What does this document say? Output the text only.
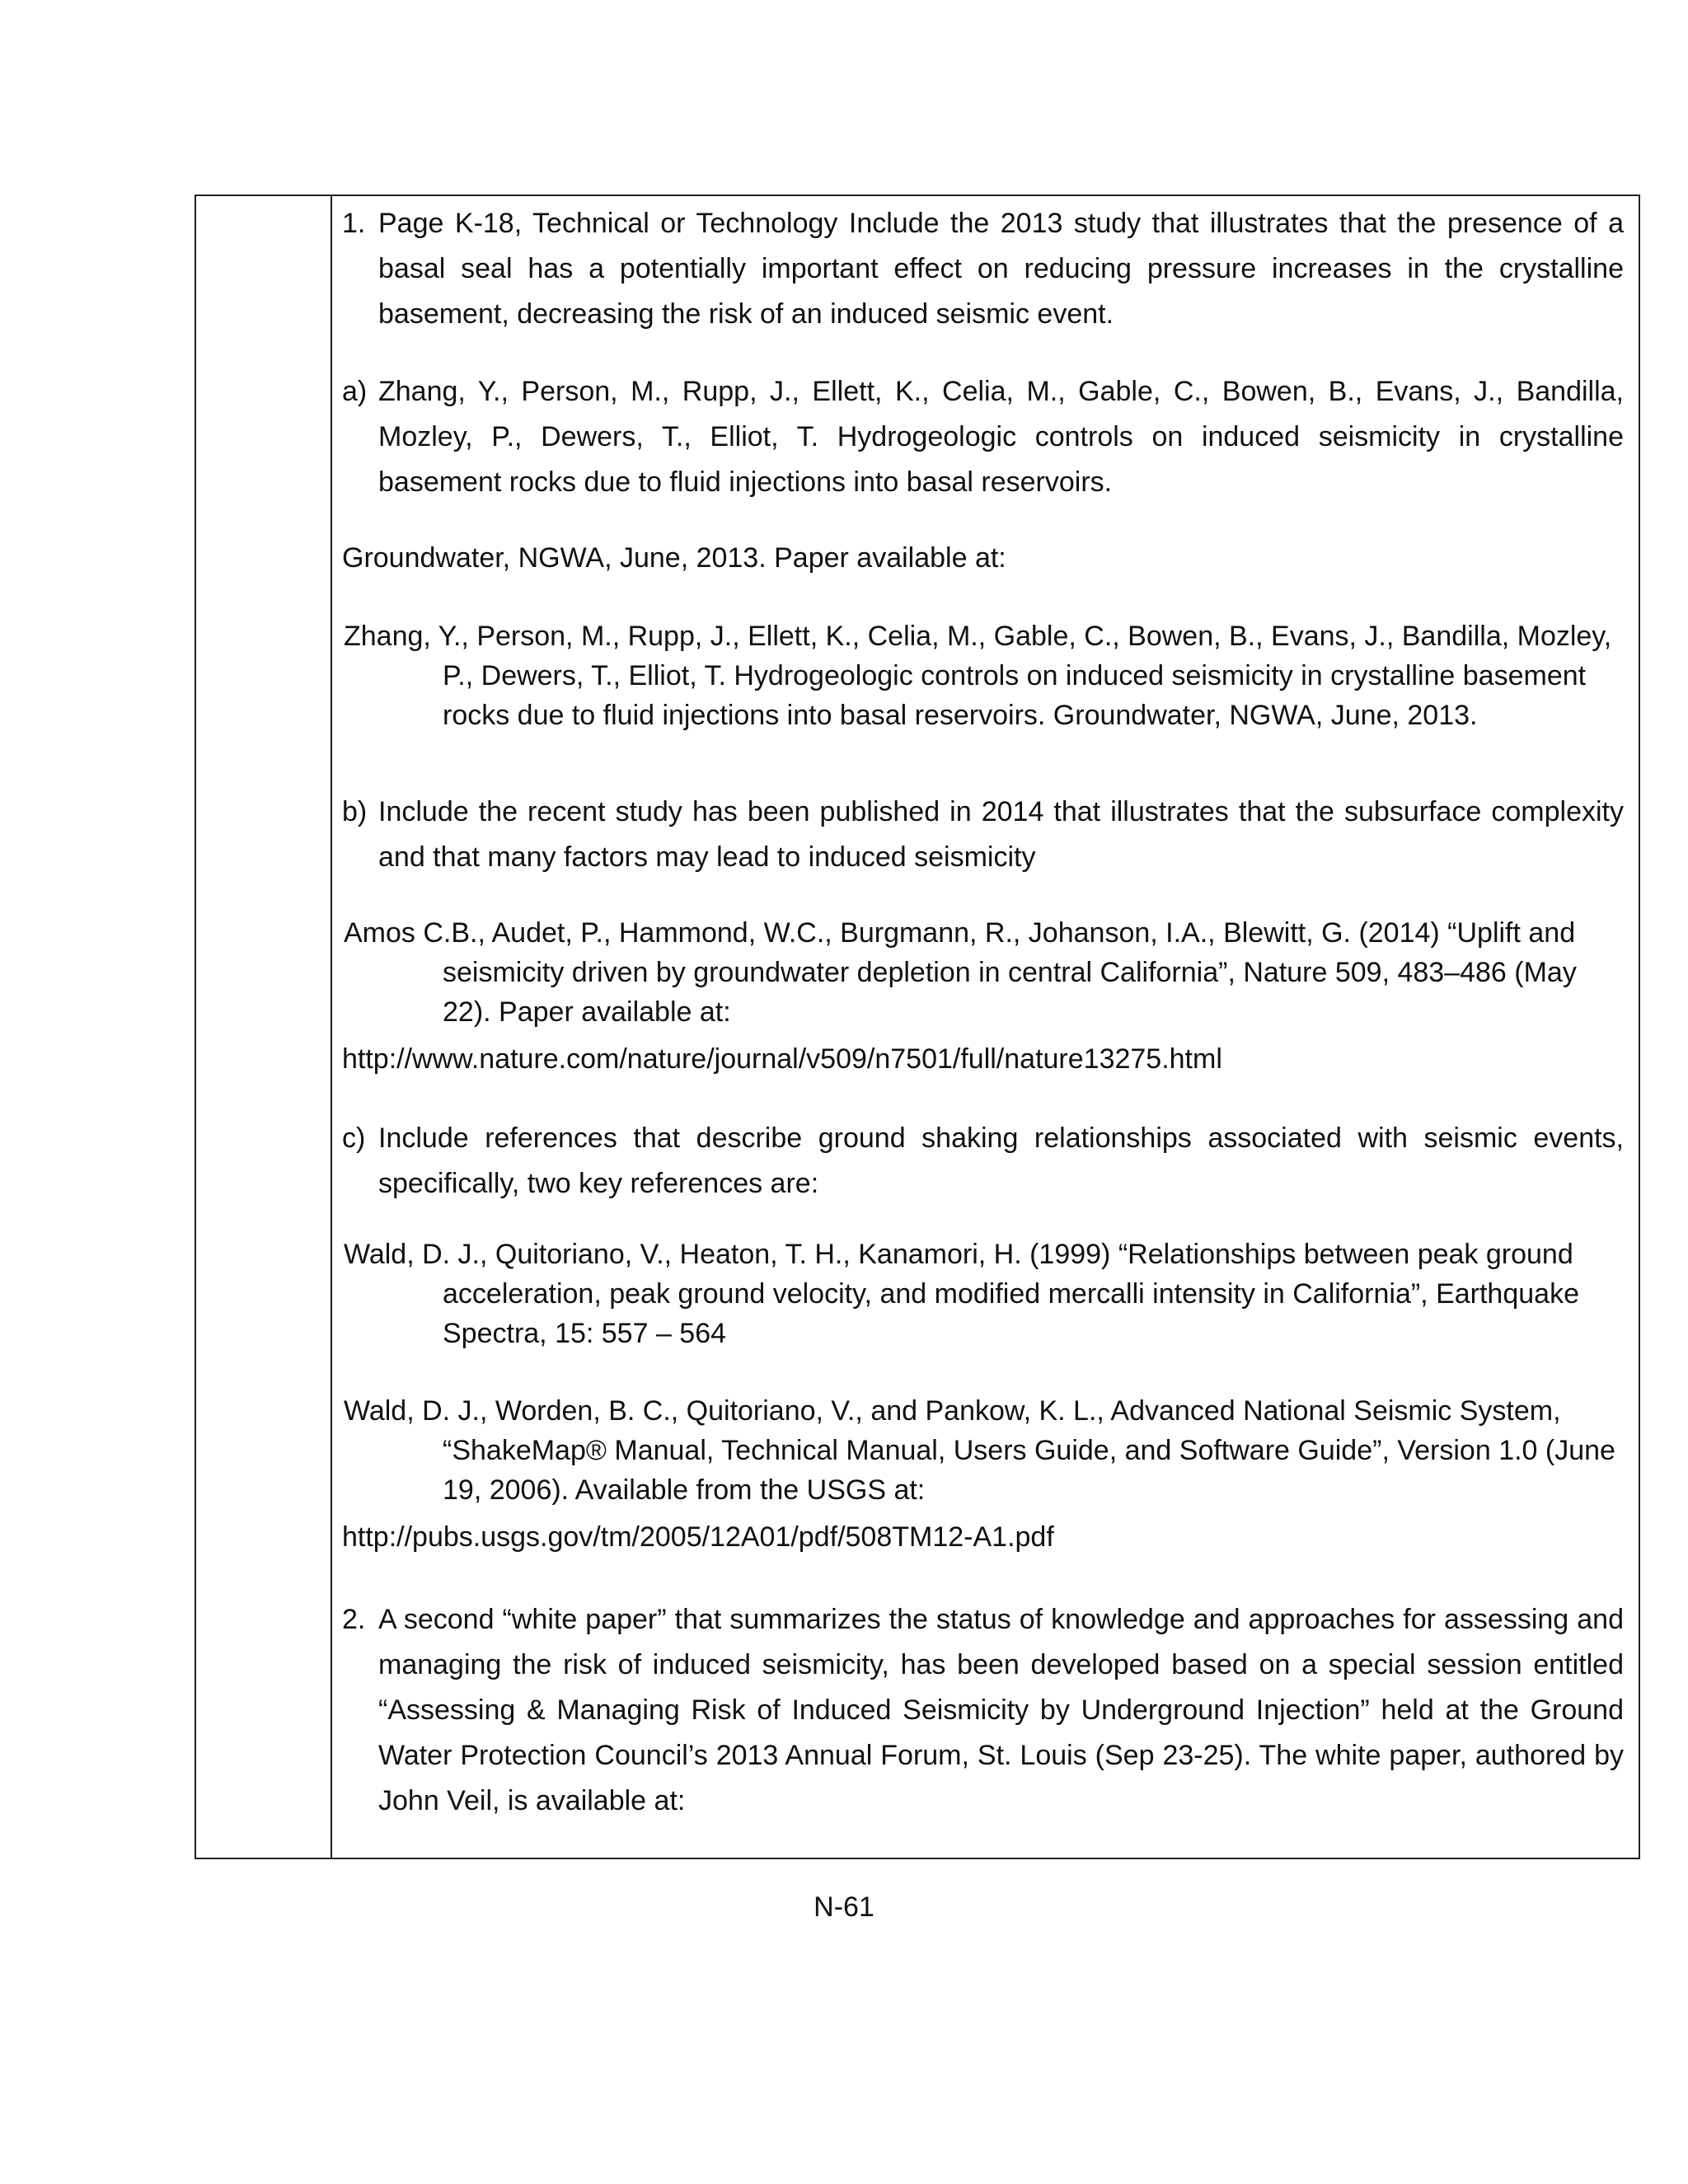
1. Page K-18, Technical or Technology Include the 2013 study that illustrates that the presence of a basal seal has a potentially important effect on reducing pressure increases in the crystalline basement, decreasing the risk of an induced seismic event.
a) Zhang, Y., Person, M., Rupp, J., Ellett, K., Celia, M., Gable, C., Bowen, B., Evans, J., Bandilla, Mozley, P., Dewers, T., Elliot, T. Hydrogeologic controls on induced seismicity in crystalline basement rocks due to fluid injections into basal reservoirs.
Groundwater, NGWA, June, 2013. Paper available at:
Zhang, Y., Person, M., Rupp, J., Ellett, K., Celia, M., Gable, C., Bowen, B., Evans, J., Bandilla, Mozley, P., Dewers, T., Elliot, T. Hydrogeologic controls on induced seismicity in crystalline basement rocks due to fluid injections into basal reservoirs. Groundwater, NGWA, June, 2013.
b) Include the recent study has been published in 2014 that illustrates that the subsurface complexity and that many factors may lead to induced seismicity
Amos C.B., Audet, P., Hammond, W.C., Burgmann, R., Johanson, I.A., Blewitt, G. (2014) “Uplift and seismicity driven by groundwater depletion in central California”, Nature 509, 483–486 (May 22). Paper available at:
http://www.nature.com/nature/journal/v509/n7501/full/nature13275.html
c) Include references that describe ground shaking relationships associated with seismic events, specifically, two key references are:
Wald, D. J., Quitoriano, V., Heaton, T. H., Kanamori, H. (1999) “Relationships between peak ground acceleration, peak ground velocity, and modified mercalli intensity in California”, Earthquake Spectra, 15: 557 – 564
Wald, D. J., Worden, B. C., Quitoriano, V., and Pankow, K. L., Advanced National Seismic System, “ShakeMap® Manual, Technical Manual, Users Guide, and Software Guide”, Version 1.0 (June 19, 2006). Available from the USGS at:
http://pubs.usgs.gov/tm/2005/12A01/pdf/508TM12-A1.pdf
2. A second “white paper” that summarizes the status of knowledge and approaches for assessing and managing the risk of induced seismicity, has been developed based on a special session entitled “Assessing & Managing Risk of Induced Seismicity by Underground Injection” held at the Ground Water Protection Council’s 2013 Annual Forum, St. Louis (Sep 23-25). The white paper, authored by John Veil, is available at:
N-61
